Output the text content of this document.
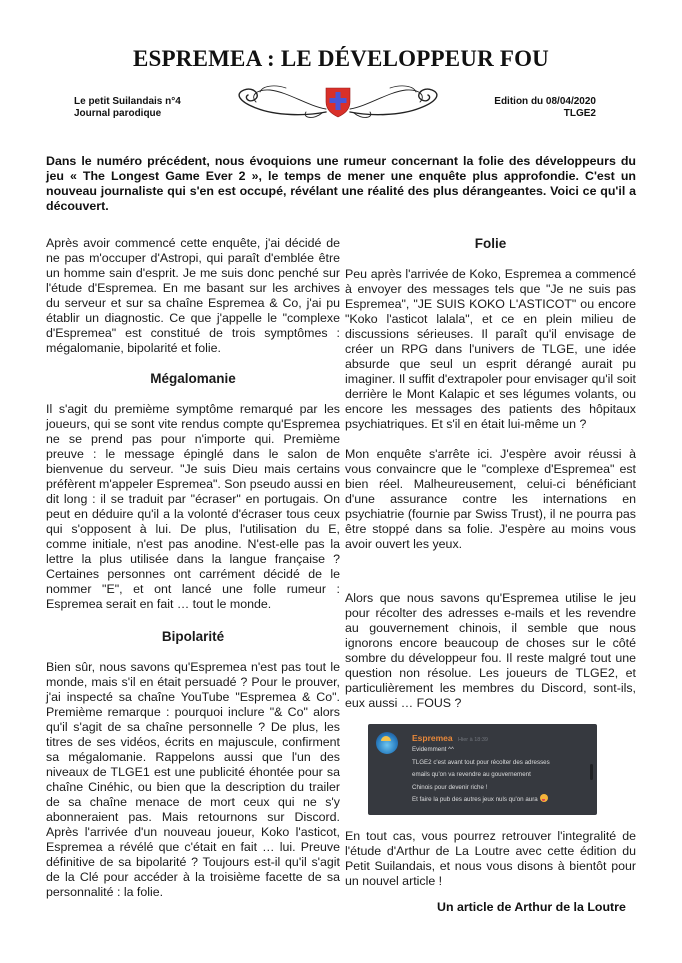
ESPREMEA : LE DÉVELOPPEUR FOU
Le petit Suilandais n°4
Journal parodique
Edition du 08/04/2020
TLGE2

Dans le numéro précédent, nous évoquions une rumeur concernant la folie des développeurs du jeu « The Longest Game Ever 2 », le temps de mener une enquête plus approfondie. C'est un nouveau journaliste qui s'en est occupé, révélant une réalité des plus dérangeantes. Voici ce qu'il a découvert.

Après avoir commencé cette enquête, j'ai décidé de ne pas m'occuper d'Astropi, qui paraît d'emblée être un homme sain d'esprit. Je me suis donc penché sur l'étude d'Espremea. En me basant sur les archives du serveur et sur sa chaîne Espremea & Co, j'ai pu établir un diagnostic. Ce que j'appelle le "complexe d'Espremea" est constitué de trois symptômes : mégalomanie, bipolarité et folie.

Mégalomanie

Il s'agit du premième symptôme remarqué par les joueurs, qui se sont vite rendus compte qu'Espremea ne se prend pas pour n'importe qui. Premième preuve : le message épinglé dans le salon de bienvenue du serveur. "Je suis Dieu mais certains préfèrent m'appeler Espremea". Son pseudo aussi en dit long : il se traduit par "écraser" en portugais. On peut en déduire qu'il a la volonté d'écraser tous ceux qui s'opposent à lui. De plus, l'utilisation du E, comme initiale, n'est pas anodine. N'est-elle pas la lettre la plus utilisée dans la langue française ? Certaines personnes ont carrément décidé de le nommer "E", et ont lancé une folle rumeur : Espremea serait en fait … tout le monde.

Bipolarité

Bien sûr, nous savons qu'Espremea n'est pas tout le monde, mais s'il en était persuadé ? Pour le prouver, j'ai inspecté sa chaîne YouTube "Espremea & Co". Premième remarque : pourquoi inclure "& Co" alors qu'il s'agit de sa chaîne personnelle ? De plus, les titres de ses vidéos, écrits en majuscule, confirment sa mégalomanie. Rappelons aussi que l'un des niveaux de TLGE1 est une publicité éhontée pour sa chaîne Cinéhic, ou bien que la description du trailer de sa chaîne menace de mort ceux qui ne s'y abonneraient pas. Mais retournons sur Discord. Après l'arrivée d'un nouveau joueur, Koko l'asticot, Espremea a révélé que c'était en fait … lui. Preuve définitive de sa bipolarité ? Toujours est-il qu'il s'agit de la Clé pour accéder à la troisième facette de sa personnalité : la folie.

Folie

Peu après l'arrivée de Koko, Espremea a commencé à envoyer des messages tels que "Je ne suis pas Espremea", "JE SUIS KOKO L'ASTICOT" ou encore "Koko l'asticot lalala", et ce en plein milieu de discussions sérieuses. Il paraît qu'il envisage de créer un RPG dans l'univers de TLGE, une idée absurde que seul un esprit dérangé aurait pu imaginer. Il suffit d'extrapoler pour envisager qu'il soit derrière le Mont Kalapic et ses légumes volants, ou encore les messages des patients des hôpitaux psychiatriques. Et s'il en était lui-même un ?

Mon enquête s'arrête ici. J'espère avoir réussi à vous convaincre que le "complexe d'Espremea" est bien réel. Malheureusement, celui-ci bénéficiant d'une assurance contre les internations en psychiatrie (fournie par Swiss Trust), il ne pourra pas être stoppé dans sa folie. J'espère au moins vous avoir ouvert les yeux.

Alors que nous savons qu'Espremea utilise le jeu pour récolter des adresses e-mails et les revendre au gouvernement chinois, il semble que nous ignorons encore beaucoup de choses sur le côté sombre du développeur fou. Il reste malgré tout une question non résolue. Les joueurs de TLGE2, et particulièrement les membres du Discord, sont-ils, eux aussi … FOUS ?

Espremea Hier à 18:39
Evidemment ^^
TLGE2 c'est avant tout pour récolter des adresses
emails qu'on va revendre au gouvernement
Chinois pour devenir riche !
Et faire la pub des autres jeux nuls qu'on aura

En tout cas, vous pourrez retrouver l'integralité de l'étude d'Arthur de La Loutre avec cette édition du Petit Suilandais, et nous vous disons à bientôt pour un nouvel article !

Un article de Arthur de la Loutre
